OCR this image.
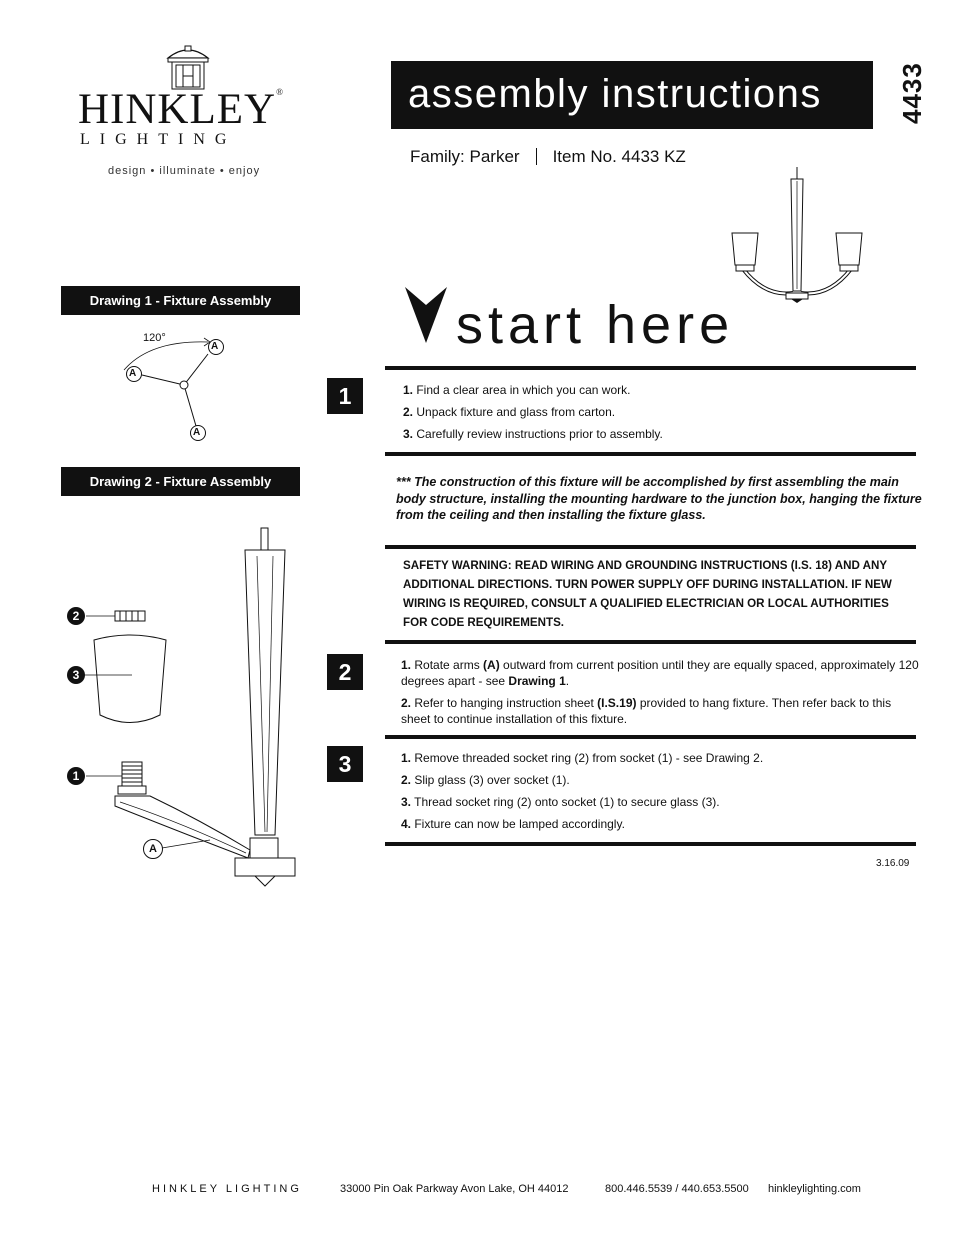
HINKLEY®
LIGHTING
design • illuminate • enjoy
assembly instructions	4433
Family: Parker Item No. 4433 KZ
start here
Drawing 1 - Fixture Assembly
120°
A
A
A
Drawing 2 - Fixture Assembly
2
3
1
A
1	1. Find a clear area in which you can work.

2. Unpack fixture and glass from carton.

3. Carefully review instructions prior to assembly.

*** The construction of this fixture will be accomplished by first assembling the main body structure, installing the mounting hardware to the junction box, hanging the fixture from the ceiling and then installing the fixture glass.
SAFETY WARNING: READ WIRING AND GROUNDING INSTRUCTIONS (I.S. 18) AND ANY ADDITIONAL DIRECTIONS. TURN POWER SUPPLY OFF DURING INSTALLATION. IF NEW WIRING IS REQUIRED, CONSULT A QUALIFIED ELECTRICIAN OR LOCAL AUTHORITIES FOR CODE REQUIREMENTS.
2	1. Rotate arms (A) outward from current position until they are equally spaced, approximately 120 degrees apart - see Drawing 1.

2. Refer to hanging instruction sheet (I.S.19) provided to hang fixture. Then refer back to this sheet to continue installation of this fixture.

3	1. Remove threaded socket ring (2) from socket (1) - see Drawing 2.

2. Slip glass (3) over socket (1).

3. Thread socket ring (2) onto socket (1) to secure glass (3).

4. Fixture can now be lamped accordingly.

3.16.09
HINKLEY LIGHTING	33000 Pin Oak Parkway Avon Lake, OH 44012	800.446.5539 / 440.653.5500 hinkleylighting.com
